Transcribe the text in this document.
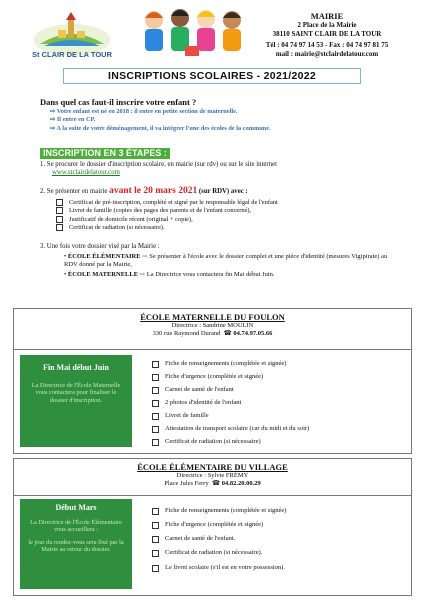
St CLAIR DE LA TOUR
MAIRIE
2 Place de la Mairie
38110 SAINT CLAIR DE LA TOUR
Tél : 04 74 97 14 53 - Fax : 04 74 97 81 75
mail : mairie@stclairdelatour.com
INSCRIPTIONS SCOLAIRES - 2021/2022
Dans quel cas faut-il inscrire votre enfant ?
⇨ Votre enfant est né en 2018 : il entre en petite section de maternelle.
⇨ Il entre en CP.
⇨ A la suite de votre déménagement, il va intégrer l'une des écoles de la commune.
INSCRIPTION EN 3 ÉTAPES :
1. Se procurer le dossier d'inscription scolaire, en mairie (sur rdv) ou sur le site internet
www.stclairdelatour.com
2. Se présenter en mairie avant le 20 mars 2021 (sur RDV) avec :
Certificat de pré-inscription, complété et signé par le responsable légal de l'enfant
Livret de famille (copies des pages des parents et de l'enfant concerné),
Justificatif de domicile récent (original + copie),
Certificat de radiation (si nécessaire).
3. Une fois votre dossier visé par la Mairie :
• ÉCOLE ÉLÉMENTAIRE ⇨ Se présenter à l'école avec le dossier complet et une pièce d'identité (mesures Vigipirate) au RDV donné par la Mairie,
• ÉCOLE MATERNELLE ⇨ La Directrice vous contactera fin Mai début Juin.
ÉCOLE MATERNELLE DU FOULON
Directrice : Sandrine MOULIN
330 rue Raymond Durand ☎ 04.74.97.05.66
Fin Mai début Juin
La Directrice de l'École Maternelle vous contactera pour finaliser le dossier d'inscription.
Fiche de renseignements (complétée et signée)
Fiche d'urgence (complétée et signée)
Carnet de santé de l'enfant
2 photos d'identité de l'enfant
Livret de famille
Attestation de transport scolaire (car du midi et du soir)
Certificat de radiation (si nécessaire)
ÉCOLE ÉLÉMENTAIRE DU VILLAGE
Directrice : Sylvie FRÉMY
Place Jules Ferry ☎ 04.82.20.00.29
Début Mars
La Directrice de l'École Élémentaire vous accueillera :
le jour du rendez-vous sera fixé par la Mairie au retour du dossier.
Fiche de renseignements (complétée et signée)
Fiche d'urgence (complétée et signée)
Carnet de santé de l'enfant.
Certificat de radiation (si nécessaire).
Le livret scolaire (s'il est en votre possession).
